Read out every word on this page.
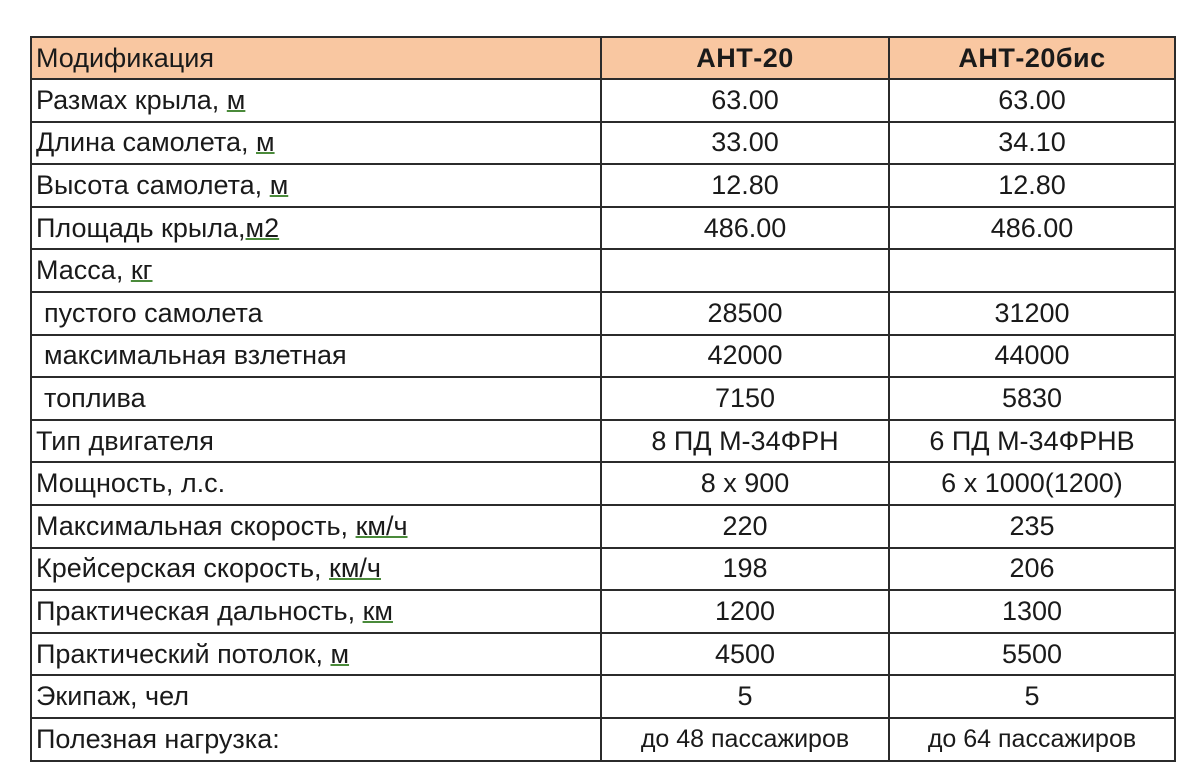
Модификация	АНТ-20	АНТ-20бис
Размах крыла, м	63.00	63.00
Длина самолета, м	33.00	34.10
Высота самолета, м	12.80	12.80
Площадь крыла,м2	486.00	486.00
Масса, кг		
пустого самолета	28500	31200
максимальная взлетная	42000	44000
топлива	7150	5830
Тип двигателя	8 ПД М-34ФРН	6 ПД М-34ФРНВ
Мощность, л.с.	8 х 900	6 х 1000(1200)
Максимальная скорость, км/ч	220	235
Крейсерская скорость, км/ч	198	206
Практическая дальность, км	1200	1300
Практический потолок, м	4500	5500
Экипаж, чел	5	5
Полезная нагрузка:	до 48 пассажиров	до 64 пассажиров
